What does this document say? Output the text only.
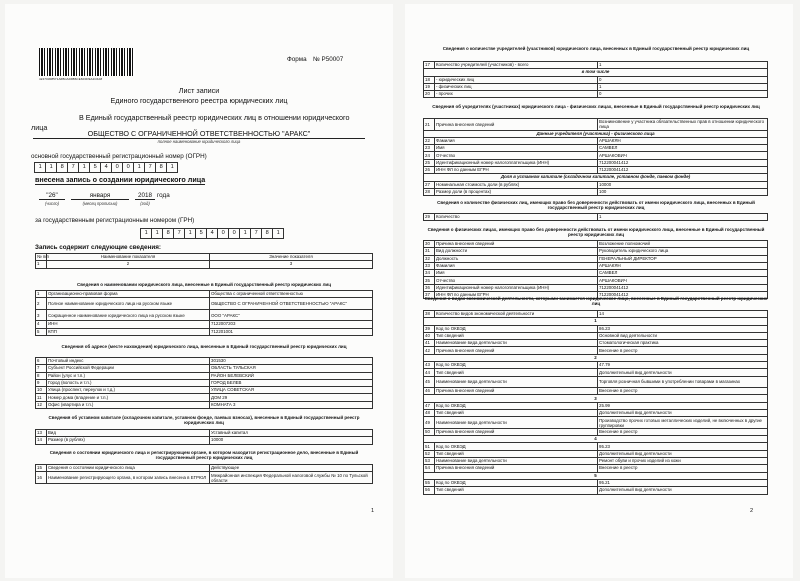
42470308571А6ВСАD9В6СЕ6F0D9А2С6А8
Форма № Р50007
Лист записи
Единого государственного реестра юридических лиц
В Единый государственный реестр юридических лиц в отношении юридического
лица
ОБЩЕСТВО С ОГРАНИЧЕННОЙ ОТВЕТСТВЕННОСТЬЮ "АРАКС"
полное наименование юридического лица
основной государственный регистрационный номер (ОГРН)
1	1	8	7	1	5	4	0	0	1	7	8	1
внесена запись о создании юридического лица
"26"	января	2018 года
(число)	(месяц прописью)	(год)
за государственным регистрационным номером (ГРН)
1	1	8	7	1	5	4	0	0	1	7	8	1
Запись содержит следующие сведения:
№ п/п	Наименование показателя	Значение показателя
1	2	3
Сведения о наименовании юридического лица, внесенные в Единый государственный реестр юридических лиц
1	Организационно-правовая форма	Общества с ограниченной ответственностью
2	Полное наименование юридического лица на русском языке	ОБЩЕСТВО С ОГРАНИЧЕННОЙ ОТВЕТСТВЕННОСТЬЮ "АРАКС"
3	Сокращенное наименование юридического лица на русском языке	ООО "АРАКС"
4	ИНН	7122007203
5	КПП	712201001
Сведения об адресе (месте нахождения) юридического лица, внесенные в Единый государственный реестр юридических лиц
6	Почтовый индекс	301530
7	Субъект Российской Федерации	ОБЛАСТЬ ТУЛЬСКАЯ
8	Район (улус и т.п.)	РАЙОН БЕЛЕВСКИЙ
9	Город (волость и т.п.)	ГОРОД БЕЛЕВ
10	Улица (проспект, переулок и т.д.)	УЛИЦА СОВЕТСКАЯ
11	Номер дома (владение и т.п.)	ДОМ 29
12	Офис (квартира и т.п.)	КОМНАТА 3
Сведения об уставном капитале (складочном капитале, уставном фонде, паевых взносах), внесенные в Единый государственный реестр юридических лиц
13	Вид	Уставный капитал
14	Размер (в рублях)	10000
Сведения о состоянии юридического лица и регистрирующем органе, в котором находится регистрационное дело, внесенные в Единый государственный реестр юридических лиц
15	Сведения о состоянии юридического лица	Действующее
16	Наименование регистрирующего органа, в котором запись внесена в ЕГРЮЛ	Межрайонная инспекция Федеральной налоговой службы № 10 по Тульской области
1
Сведения о количестве учредителей (участников) юридического лица, внесенных в Единый государственный реестр юридических лиц
17	Количество учредителей (участников) - всего	1
в том числе		
18	- юридических лиц	0
19	- физических лиц	1
20	- прочих	0
Сведения об учредителях (участниках) юридического лица - физических лицах, внесенные в Единый государственный реестр юридических лиц
21	Причина внесения сведений	Возникновение у участника обязательственных прав в отношении юридического лица
Данные учредителя (участника) - физического лица		
22	Фамилия	АРШАКЯН
23	Имя	САМВЕЛ
24	Отчество	АРШАКОВИЧ
25	Идентификационный номер налогоплательщика (ИНН)	712200041412
26	ИНН ФЛ по данным ЕГРН	712200041412
Доля в уставном капитале (складочном капитале, уставном фонде, паевом фонде)		
27	Номинальная стоимость доли (в рублях)	10000
28	Размер доли (в процентах)	100
Сведения о количестве физических лиц, имеющих право без доверенности действовать от имени юридического лица, внесенных в Единый государственный реестр юридических лиц
29	Количество	1
Сведения о физических лицах, имеющих право без доверенности действовать от имени юридического лица, внесенные в Единый государственный реестр юридических лиц
30	Причина внесения сведений	Возложение полномочий
31	Вид должности	Руководитель юридического лица
32	Должность	ГЕНЕРАЛЬНЫЙ ДИРЕКТОР
33	Фамилия	АРШАКЯН
34	Имя	САМВЕЛ
35	Отчество	АРШАКОВИЧ
36	Идентификационный номер налогоплательщика (ИНН)	712200041412
37	ИНН ФЛ по данным ЕГРН	712200041412
Сведения о видах экономической деятельности, которыми занимается юридическое лицо, внесенные в Единый государственный реестр юридических лиц
38	Количество видов экономической деятельности	14
1		
39	Код по ОКВЭД	86.23
40	Тип сведений	Основной вид деятельности
41	Наименование вида деятельности	Стоматологическая практика
42	Причина внесения сведений	Внесение в реестр
2		
43	Код по ОКВЭД	47.79
44	Тип сведений	Дополнительный вид деятельности
45	Наименование вида деятельности	Торговля розничная бывшими в употреблении товарами в магазинах
46	Причина внесения сведений	Внесение в реестр
3		
47	Код по ОКВЭД	25.99
48	Тип сведений	Дополнительный вид деятельности
49	Наименование вида деятельности	Производство прочих готовых металлических изделий, не включенных в другие группировки
50	Причина внесения сведений	Внесение в реестр
4		
51	Код по ОКВЭД	95.23
52	Тип сведений	Дополнительный вид деятельности
53	Наименование вида деятельности	Ремонт обуви и прочих изделий из кожи
54	Причина внесения сведений	Внесение в реестр
5		
55	Код по ОКВЭД	95.21
56	Тип сведений	Дополнительный вид деятельности
2
